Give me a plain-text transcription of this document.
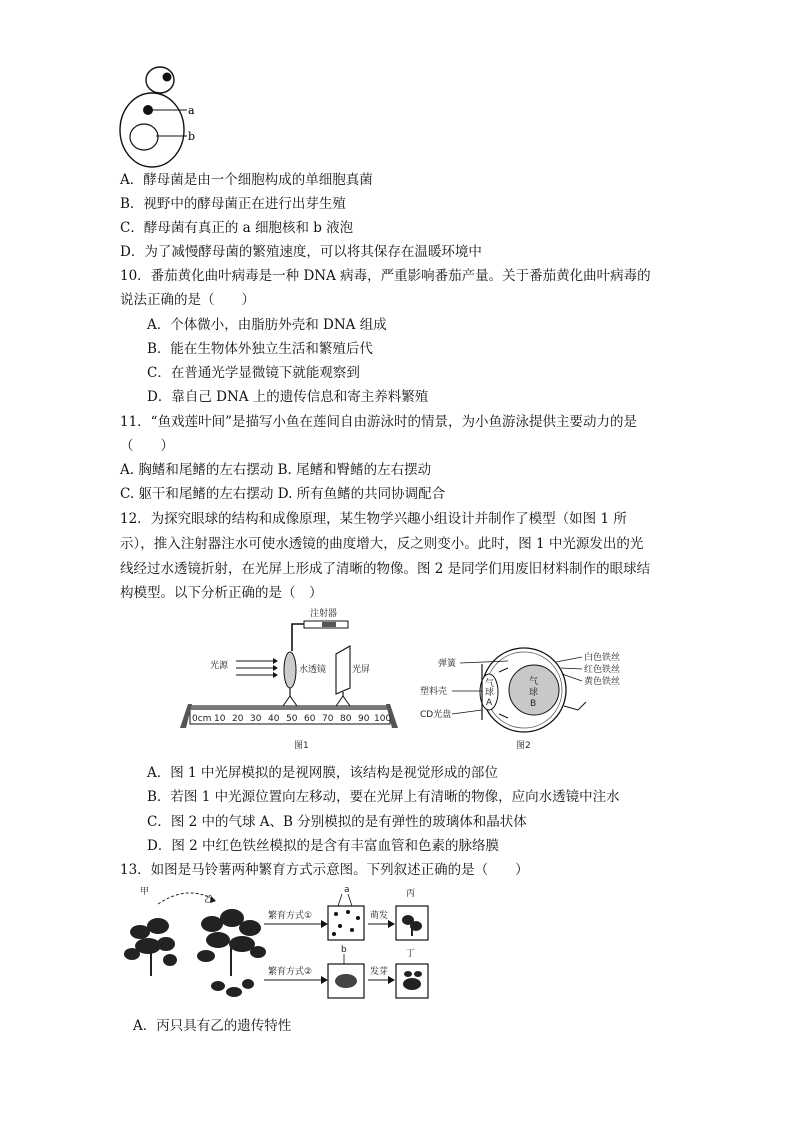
a
b
A．酵母菌是由一个细胞构成的单细胞真菌
B．视野中的酵母菌正在进行出芽生殖
C．酵母菌有真正的 a 细胞核和 b 液泡
D．为了减慢酵母菌的繁殖速度，可以将其保存在温暖环境中
10．番茄黄化曲叶病毒是一种 DNA 病毒，严重影响番茄产量。关于番茄黄化曲叶病毒的
说法正确的是（　　）
A．个体微小，由脂肪外壳和 DNA 组成
B．能在生物体外独立生活和繁殖后代
C．在普通光学显微镜下就能观察到
D．靠自己 DNA 上的遗传信息和寄主养料繁殖
11．“鱼戏莲叶间”是描写小鱼在莲间自由游泳时的情景，为小鱼游泳提供主要动力的是
（　　）
A. 胸鳍和尾鳍的左右摆动 B. 尾鳍和臀鳍的左右摆动
C. 躯干和尾鳍的左右摆动 D. 所有鱼鳍的共同协调配合
12．为探究眼球的结构和成像原理，某生物学兴趣小组设计并制作了模型（如图 1 所
示），推入注射器注水可使水透镜的曲度增大，反之则变小。此时，图 1 中光源发出的光
线经过水透镜折射，在光屏上形成了清晰的物像。图 2 是同学们用废旧材料制作的眼球结
构模型。以下分析正确的是（　）
注射器
水透镜
光源	光屏
0cm 10 20 30 40 50 60 70 80 90 100
图1
气
球
A
气
球
B
弹簧
塑料壳
CD光盘
白色铁丝
红色铁丝
黄色铁丝
图2
A．图 1 中光屏模拟的是视网膜，该结构是视觉形成的部位
B．若图 1 中光源位置向左移动，要在光屏上有清晰的物像，应向水透镜中注水
C．图 2 中的气球 A、B 分别模拟的是有弹性的玻璃体和晶状体
D．图 2 中红色铁丝模拟的是含有丰富血管和色素的脉络膜
13．如图是马铃薯两种繁育方式示意图。下列叙述正确的是（　　）
甲
乙
繁育方式①
繁育方式②
a
萌发
丙
b
发芽
丁
A．丙只具有乙的遗传特性
